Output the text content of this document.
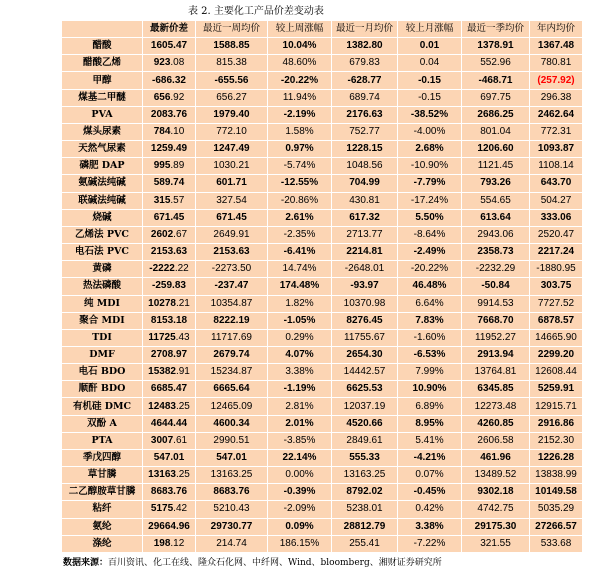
表 2. 主要化工产品价差变动表
最新价差	最近一周均价	较上周涨幅	最近一月均价	较上月涨幅	最近一季均价	年内均价
醋酸	1605.47	1588.85	10.04%	1382.80	0.01	1378.91	1367.48
醋酸乙烯	923 .08	815.38	48.60%	679.83	0.04	552.96	780.81
甲醇	-686.32	-655.56	-20.22%	-628.77	-0.15	-468.71	(257.92)
煤基二甲醚	656 .92	656.27	11.94%	689.74	-0.15	697.75	296.38
PVA	2083.76	1979.40	-2.19%	2176.63	-38.52%	2686.25	2462.64
煤头尿素	784 .10	772.10	1.58%	752.77	-4.00%	801.04	772.31
天然气尿素	1259.49	1247.49	0.97%	1228.15	2.68%	1206.60	1093.87
磷肥 DAP	995 .89	1030.21	-5.74%	1048.56	-10.90%	1121.45	1108.14
氨碱法纯碱	589.74	601.71	-12.55%	704.99	-7.79%	793.26	643.70
联碱法纯碱	315 .57	327.54	-20.86%	430.81	-17.24%	554.65	504.27
烧碱	671.45	671.45	2.61%	617.32	5.50%	613.64	333.06
乙烯法 PVC	2602 .67	2649.91	-2.35%	2713.77	-8.64%	2943.06	2520.47
电石法 PVC	2153.63	2153.63	-6.41%	2214.81	-2.49%	2358.73	2217.24
黄磷	-2222 .22	-2273.50	14.74%	-2648.01	-20.22%	-2232.29	-1880.95
热法磷酸	-259.83	-237.47	174.48%	-93.97	46.48%	-50.84	303.75
纯 MDI	10278 .21	10354.87	1.82%	10370.98	6.64%	9914.53	7727.52
聚合 MDI	8153.18	8222.19	-1.05%	8276.45	7.83%	7668.70	6878.57
TDI	11725 .43	11717.69	0.29%	11755.67	-1.60%	11952.27	14665.90
DMF	2708.97	2679.74	4.07%	2654.30	-6.53%	2913.94	2299.20
电石 BDO	15382 .91	15234.87	3.38%	14442.57	7.99%	13764.81	12608.44
顺酐 BDO	6685.47	6665.64	-1.19%	6625.53	10.90%	6345.85	5259.91
有机硅 DMC	12483 .25	12465.09	2.81%	12037.19	6.89%	12273.48	12915.71
双酚 A	4644.44	4600.34	2.01%	4520.66	8.95%	4260.85	2916.86
PTA	3007 .61	2990.51	-3.85%	2849.61	5.41%	2606.58	2152.30
季戊四醇	547.01	547.01	22.14%	555.33	-4.21%	461.96	1226.28
草甘膦	13163 .25	13163.25	0.00%	13163.25	0.07%	13489.52	13838.99
二乙醇胺草甘膦	8683.76	8683.76	-0.39%	8792.02	-0.45%	9302.18	10149.58
粘纤	5175 .42	5210.43	-2.09%	5238.01	0.42%	4742.75	5035.29
氨纶	29664.96	29730.77	0.09%	28812.79	3.38%	29175.30	27266.57
涤纶	198 .12	214.74	186.15%	255.41	-7.22%	321.55	533.68
数据来源：百川资讯、化工在线、隆众石化网、中纤网、Wind、bloomberg、湘财证券研究所
